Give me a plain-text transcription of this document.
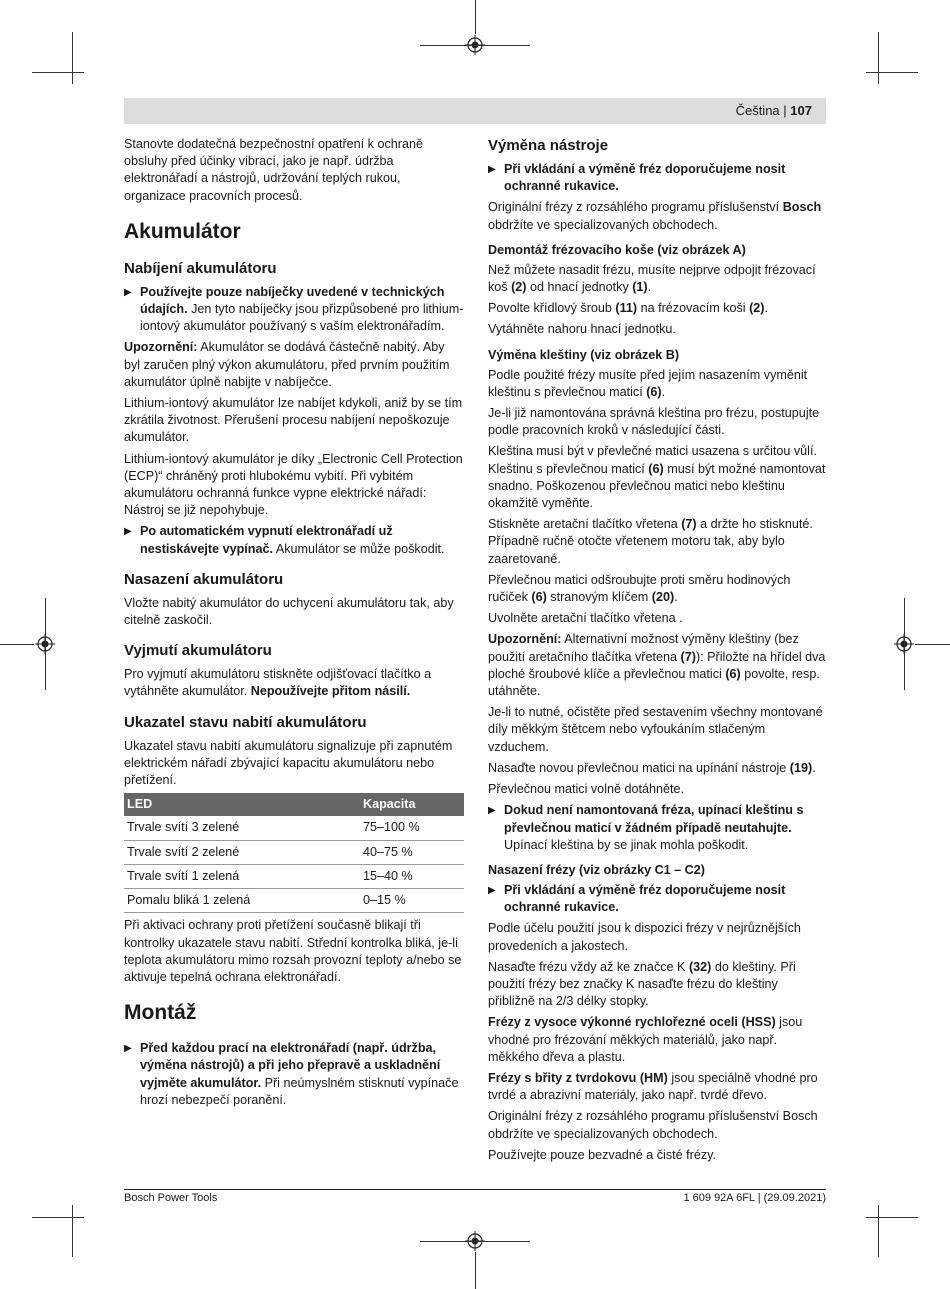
Čeština | 107

Stanovte dodatečná bezpečnostní opatření k ochraně obsluhy před účinky vibrací, jako je např. údržba elektronářadí a nástrojů, udržování teplých rukou, organizace pracovních procesů.

Akumulátor
Nabíjení akumulátoru
▶ Používejte pouze nabíječky uvedené v technických údajích. Jen tyto nabíječky jsou přizpůsobené pro lithium-iontový akumulátor používaný s vaším elektronářadím.

Upozornění: Akumulátor se dodává částečně nabitý. Aby byl zaručen plný výkon akumulátoru, před prvním použitím akumulátor úplně nabijte v nabíječce.

Lithium-iontový akumulátor lze nabíjet kdykoli, aniž by se tím zkrátila životnost. Přerušení procesu nabíjení nepoškozuje akumulátor.

Lithium-iontový akumulátor je díky „Electronic Cell Protection (ECP)“ chráněný proti hlubokému vybití. Při vybitém akumulátoru ochranná funkce vypne elektrické nářadí: Nástroj se již nepohybuje.

▶ Po automatickém vypnutí elektronářadí už nestiskávejte vypínač. Akumulátor se může poškodit.
Nasazení akumulátoru

Vložte nabitý akumulátor do uchycení akumulátoru tak, aby citelně zaskočil.

Vyjmutí akumulátoru

Pro vyjmutí akumulátoru stiskněte odjišťovací tlačítko a vytáhněte akumulátor. Nepoužívejte přitom násilí.

Ukazatel stavu nabití akumulátoru

Ukazatel stavu nabití akumulátoru signalizuje při zapnutém elektrickém nářadí zbývající kapacitu akumulátoru nebo přetížení.

LED	Kapacita
Trvale svítí 3 zelené	75–100 %
Trvale svítí 2 zelené	40–75 %
Trvale svítí 1 zelená	15–40 %
Pomalu bliká 1 zelená	0–15 %

Při aktivaci ochrany proti přetížení současně blikají tři kontrolky ukazatele stavu nabití. Střední kontrolka bliká, je-li teplota akumulátoru mimo rozsah provozní teploty a/nebo se aktivuje tepelná ochrana elektronářadí.

Montáž
▶ Před každou prací na elektronářadí (např. údržba, výměna nástrojů) a při jeho přepravě a uskladnění vyjměte akumulátor. Při neúmyslném stisknutí vypínače hrozí nebezpečí poranění.
Výměna nástroje
▶ Při vkládání a výměně fréz doporučujeme nosit ochranné rukavice.

Originální frézy z rozsáhlého programu příslušenství Bosch obdržíte ve specializovaných obchodech.

Demontáž frézovacího koše (viz obrázek A)

Než můžete nasadit frézu, musíte nejprve odpojit frézovací koš (2) od hnací jednotky (1).

Povolte křídlový šroub (11) na frézovacím koši (2).

Vytáhněte nahoru hnací jednotku.

Výměna kleštiny (viz obrázek B)

Podle použité frézy musíte před jejím nasazením vyměnit kleštinu s převlečnou maticí (6).

Je-li již namontována správná kleština pro frézu, postupujte podle pracovních kroků v následující části.

Kleština musí být v převlečné matici usazena s určitou vůlí. Kleštinu s převlečnou maticí (6) musí být možné namontovat snadno. Poškozenou převlečnou matici nebo kleštinu okamžitě vyměňte.

Stiskněte aretační tlačítko vřetena (7) a držte ho stisknuté. Případně ručně otočte vřetenem motoru tak, aby bylo zaaretované.

Převlečnou matici odšroubujte proti směru hodinových ručiček (6) stranovým klíčem (20).

Uvolněte aretační tlačítko vřetena .

Upozornění: Alternativní možnost výměny kleštiny (bez použití aretačního tlačítka vřetena (7)): Přiložte na hřídel dva ploché šroubové klíče a převlečnou matici (6) povolte, resp. utáhněte.

Je-li to nutné, očistěte před sestavením všechny montované díly měkkým štětcem nebo vyfoukáním stlačeným vzduchem.

Nasaďte novou převlečnou matici na upínání nástroje (19).

Převlečnou matici volně dotáhněte.

▶ Dokud není namontovaná fréza, upínací kleštinu s převlečnou maticí v žádném případě neutahujte. Upínací kleština by se jinak mohla poškodit.
Nasazení frézy (viz obrázky C1 – C2)
▶ Při vkládání a výměně fréz doporučujeme nosit ochranné rukavice.

Podle účelu použití jsou k dispozici frézy v nejrůznějších provedeních a jakostech.

Nasaďte frézu vždy až ke značce K (32) do kleštiny. Při použití frézy bez značky K nasaďte frézu do kleštiny přibližně na 2/3 délky stopky.

Frézy z vysoce výkonné rychlořezné oceli (HSS) jsou vhodné pro frézování měkkých materiálů, jako např. měkkého dřeva a plastu.

Frézy s břity z tvrdokovu (HM) jsou speciálně vhodné pro tvrdé a abrazivní materiály, jako např. tvrdé dřevo.

Originální frézy z rozsáhlého programu příslušenství Bosch obdržíte ve specializovaných obchodech.

Používejte pouze bezvadné a čisté frézy.

Bosch Power Tools	1 609 92A 6FL | (29.09.2021)
